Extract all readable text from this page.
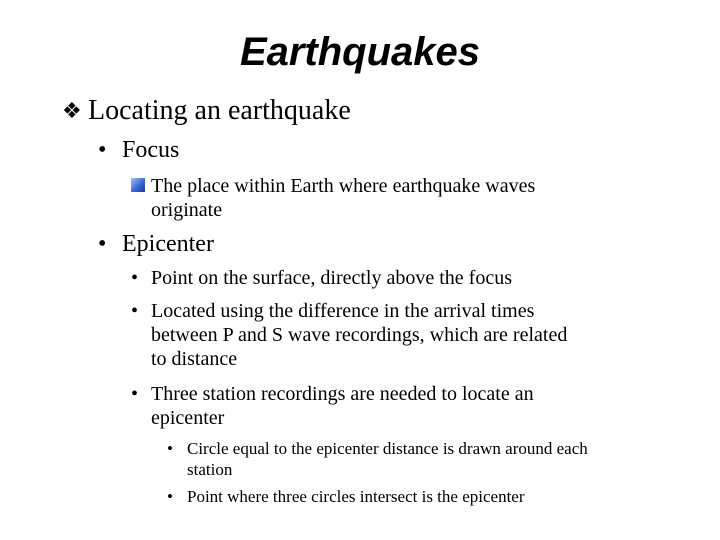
Earthquakes
❖ Locating an earthquake
• Focus
The place within Earth where earthquake waves
originate
• Epicenter
• Point on the surface, directly above the focus
• Located using the difference in the arrival times
between P and S wave recordings, which are related
to distance
• Three station recordings are needed to locate an
epicenter
• Circle equal to the epicenter distance is drawn around each
station
• Point where three circles intersect is the epicenter
